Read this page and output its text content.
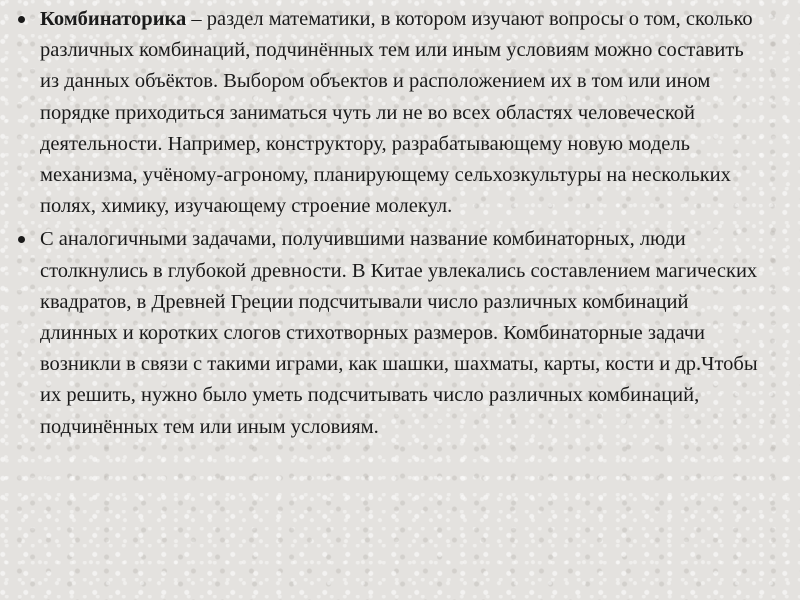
Комбинаторика – раздел математики, в котором изучают вопросы о том, сколько различных комбинаций, подчинённых тем или иным условиям можно составить из данных объёктов. Выбором объектов и расположением их в том или ином порядке приходиться заниматься чуть ли не во всех областях человеческой деятельности. Например, конструктору, разрабатывающему новую модель механизма, учёному-агроному, планирующему сельхозкультуры на нескольких полях, химику, изучающему строение молекул.

С аналогичными задачами, получившими название комбинаторных, люди столкнулись в глубокой древности. В Китае увлекались составлением магических квадратов, в Древней Греции подсчитывали число различных комбинаций длинных и коротких слогов стихотворных размеров. Комбинаторные задачи возникли в связи с такими играми, как шашки, шахматы, карты, кости и др.Чтобы их решить, нужно было уметь подсчитывать число различных комбинаций, подчинённых тем или иным условиям.
